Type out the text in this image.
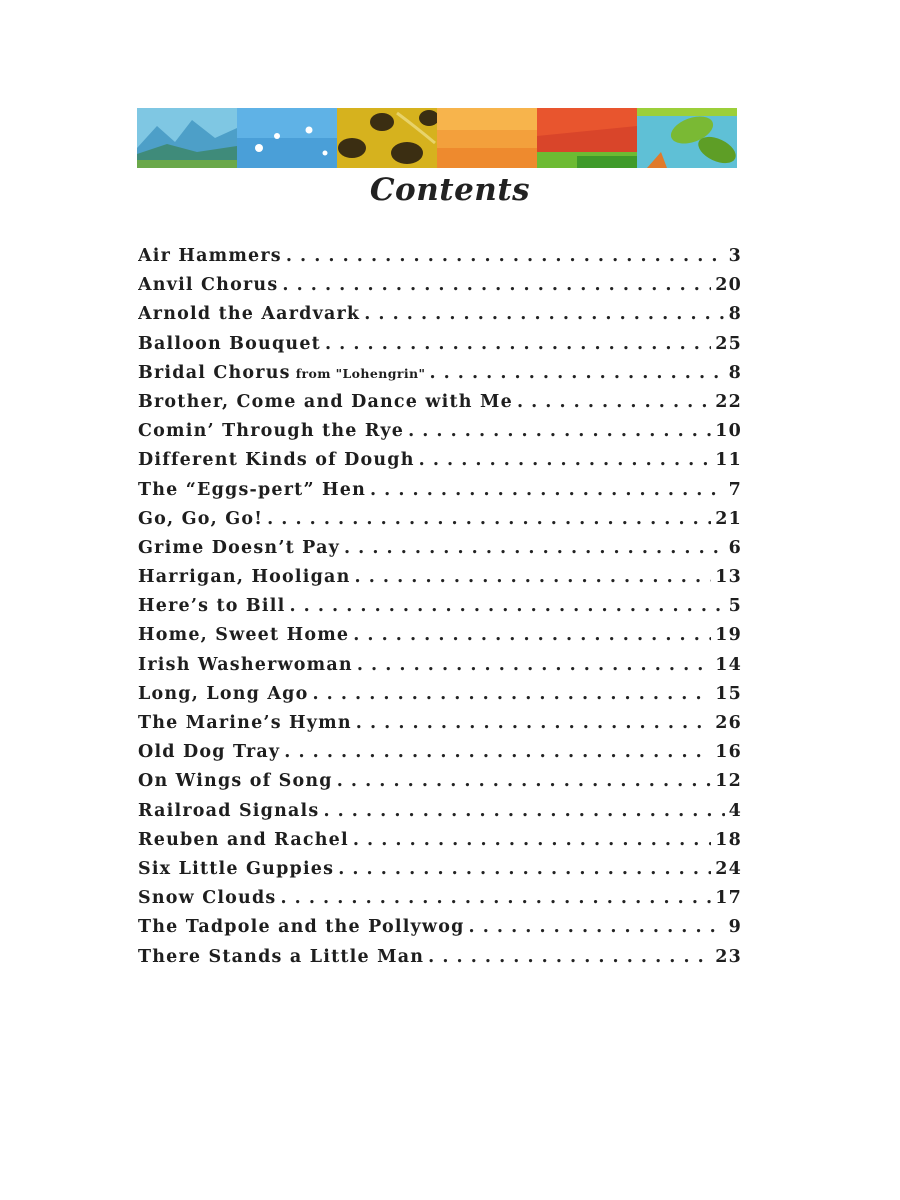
Contents
Air Hammers . . .	3
Anvil Chorus . . .	20
Arnold the Aardvark . . .	8
Balloon Bouquet . . .	25
Bridal Chorus from "Lohengrin" . . .	8
Brother, Come and Dance with Me . . .	22
Comin’ Through the Rye . . .	10
Different Kinds of Dough . . .	11
The “Eggs-pert” Hen . . .	7
Go, Go, Go! . . .	21
Grime Doesn’t Pay . . .	6
Harrigan, Hooligan . . .	13
Here’s to Bill . . .	5
Home, Sweet Home . . .	19
Irish Washerwoman . . .	14
Long, Long Ago . . .	15
The Marine’s Hymn . . .	26
Old Dog Tray . . .	16
On Wings of Song . . .	12
Railroad Signals . . .	4
Reuben and Rachel . . .	18
Six Little Guppies . . .	24
Snow Clouds . . .	17
The Tadpole and the Pollywog . . .	9
There Stands a Little Man . . .	23
